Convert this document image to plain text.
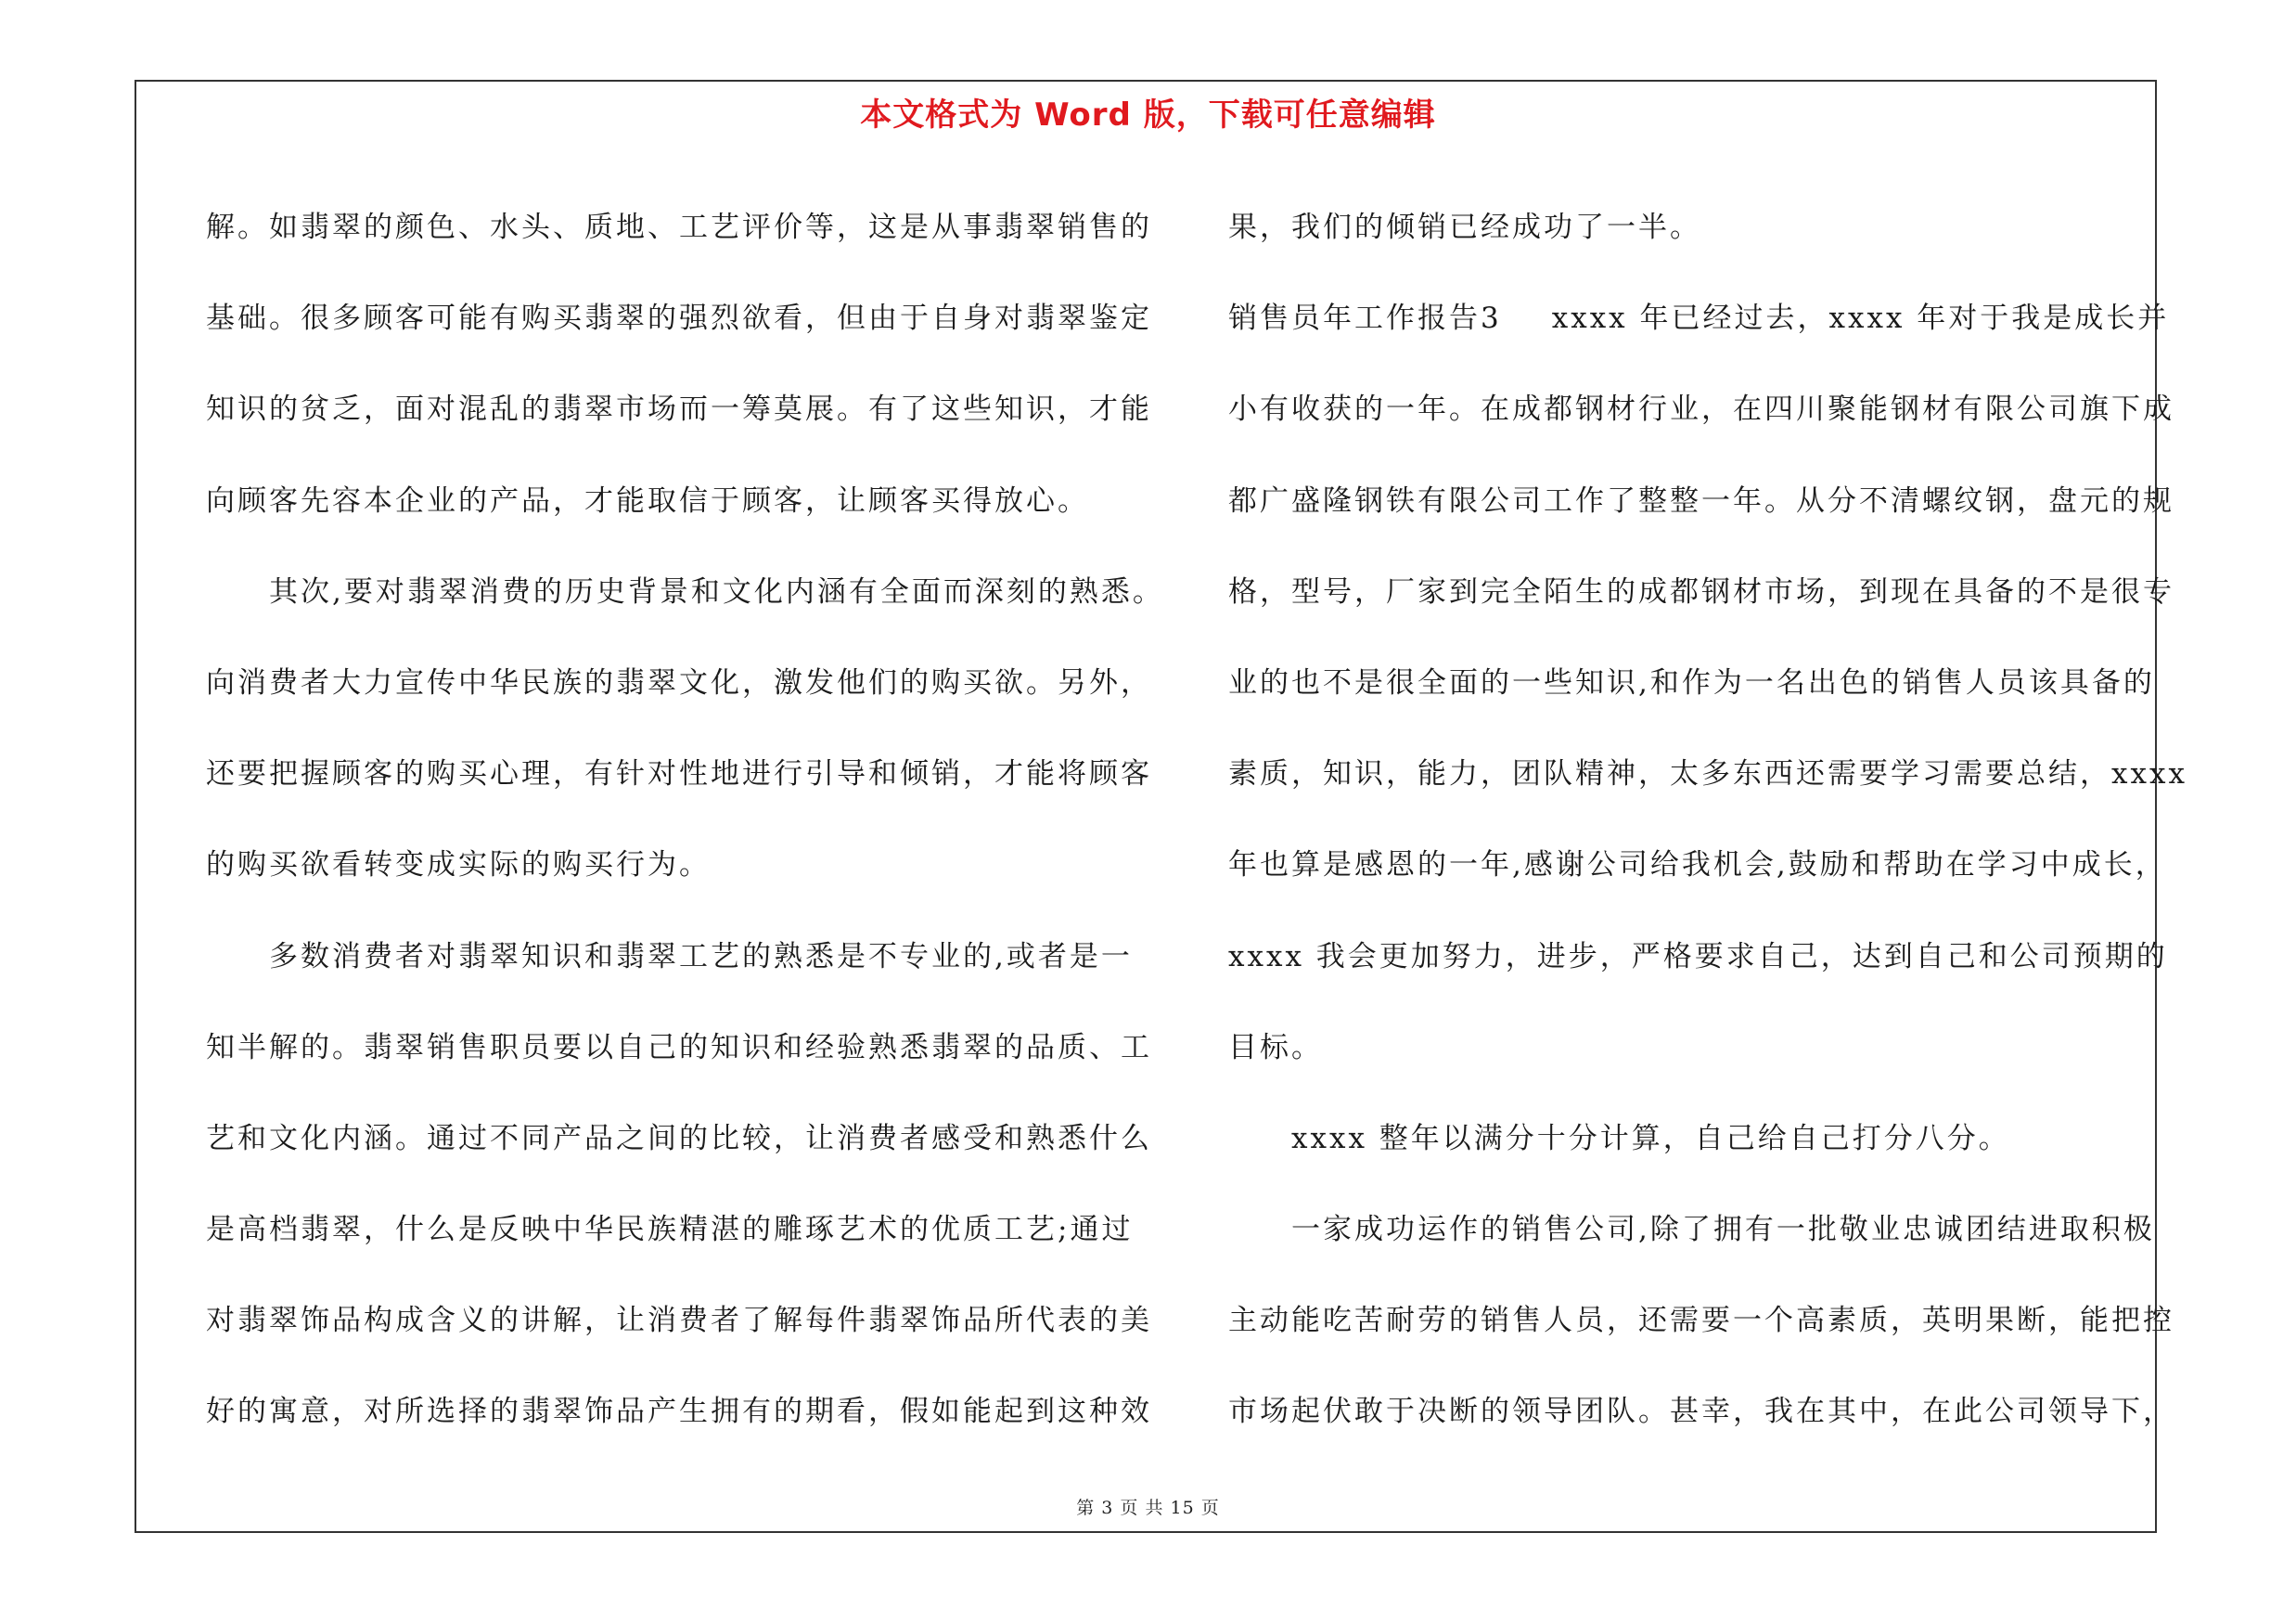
本文格式为 Word 版，下载可任意编辑
解。如翡翠的颜色、水头、质地、工艺评价等，这是从事翡翠销售的
基础。很多顾客可能有购买翡翠的强烈欲看，但由于自身对翡翠鉴定
知识的贫乏，面对混乱的翡翠市场而一筹莫展。有了这些知识，才能
向顾客先容本企业的产品，才能取信于顾客，让顾客买得放心。
　　其次,要对翡翠消费的历史背景和文化内涵有全面而深刻的熟悉。
向消费者大力宣传中华民族的翡翠文化，激发他们的购买欲。另外，
还要把握顾客的购买心理，有针对性地进行引导和倾销，才能将顾客
的购买欲看转变成实际的购买行为。
　　多数消费者对翡翠知识和翡翠工艺的熟悉是不专业的,或者是一
知半解的。翡翠销售职员要以自己的知识和经验熟悉翡翠的品质、工
艺和文化内涵。通过不同产品之间的比较，让消费者感受和熟悉什么
是高档翡翠，什么是反映中华民族精湛的雕琢艺术的优质工艺;通过
对翡翠饰品构成含义的讲解，让消费者了解每件翡翠饰品所代表的美
好的寓意，对所选择的翡翠饰品产生拥有的期看，假如能起到这种效
果，我们的倾销已经成功了一半。
销售员年工作报告3 xxxx 年已经过去，xxxx 年对于我是成长并
小有收获的一年。在成都钢材行业，在四川聚能钢材有限公司旗下成
都广盛隆钢铁有限公司工作了整整一年。从分不清螺纹钢，盘元的规
格，型号，厂家到完全陌生的成都钢材市场，到现在具备的不是很专
业的也不是很全面的一些知识,和作为一名出色的销售人员该具备的
素质，知识，能力，团队精神，太多东西还需要学习需要总结，xxxx
年也算是感恩的一年,感谢公司给我机会,鼓励和帮助在学习中成长，
xxxx 我会更加努力，进步，严格要求自己，达到自己和公司预期的
目标。
　　xxxx 整年以满分十分计算，自己给自己打分八分。
　　一家成功运作的销售公司,除了拥有一批敬业忠诚团结进取积极
主动能吃苦耐劳的销售人员，还需要一个高素质，英明果断，能把控
市场起伏敢于决断的领导团队。甚幸，我在其中，在此公司领导下，
第 3 页 共 15 页
